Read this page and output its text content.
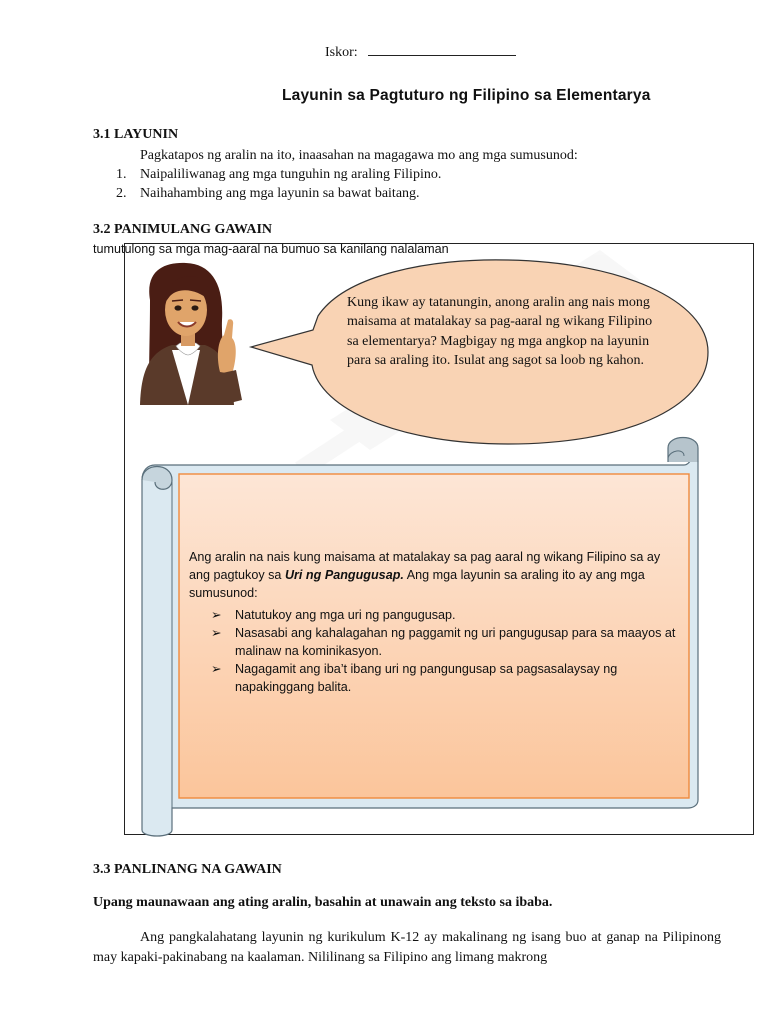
Iskor:
Layunin sa Pagtuturo ng Filipino sa Elementarya
3.1 LAYUNIN
Pagkatapos ng aralin na ito, inaasahan na magagawa mo ang mga sumusunod:
1. Naipaliliwanag ang mga tunguhin ng araling Filipino.
2. Naihahambing ang mga layunin sa bawat baitang.
3.2 PANIMULANG GAWAIN
tumutulong sa mga mag-aaral na bumuo sa kanilang nalalaman
Kung ikaw ay tatanungin, anong aralin ang nais mong maisama at matalakay sa pag-aaral ng wikang Filipino sa elementarya? Magbigay ng mga angkop na layunin para sa araling ito. Isulat ang sagot sa loob ng kahon.
Ang aralin na nais kung maisama at matalakay sa pag aaral ng wikang Filipino sa ay ang pagtukoy sa Uri ng Pangugusap. Ang mga layunin sa araling ito ay ang mga sumusunod:
➢ Natutukoy ang mga uri ng pangugusap.
➢ Nasasabi ang kahalagahan ng paggamit ng uri pangugusap para sa maayos at malinaw na kominikasyon.
➢ Nagagamit ang iba’t ibang uri ng pangungusap sa pagsasalaysay ng napakinggang balita.
3.3 PANLINANG NA GAWAIN
Upang maunawaan ang ating aralin, basahin at unawain ang teksto sa ibaba.
Ang pangkalahatang layunin ng kurikulum K-12 ay makalinang ng isang buo at ganap na Pilipinong may kapaki-pakinabang na kaalaman. Nililinang sa Filipino ang limang makrong
